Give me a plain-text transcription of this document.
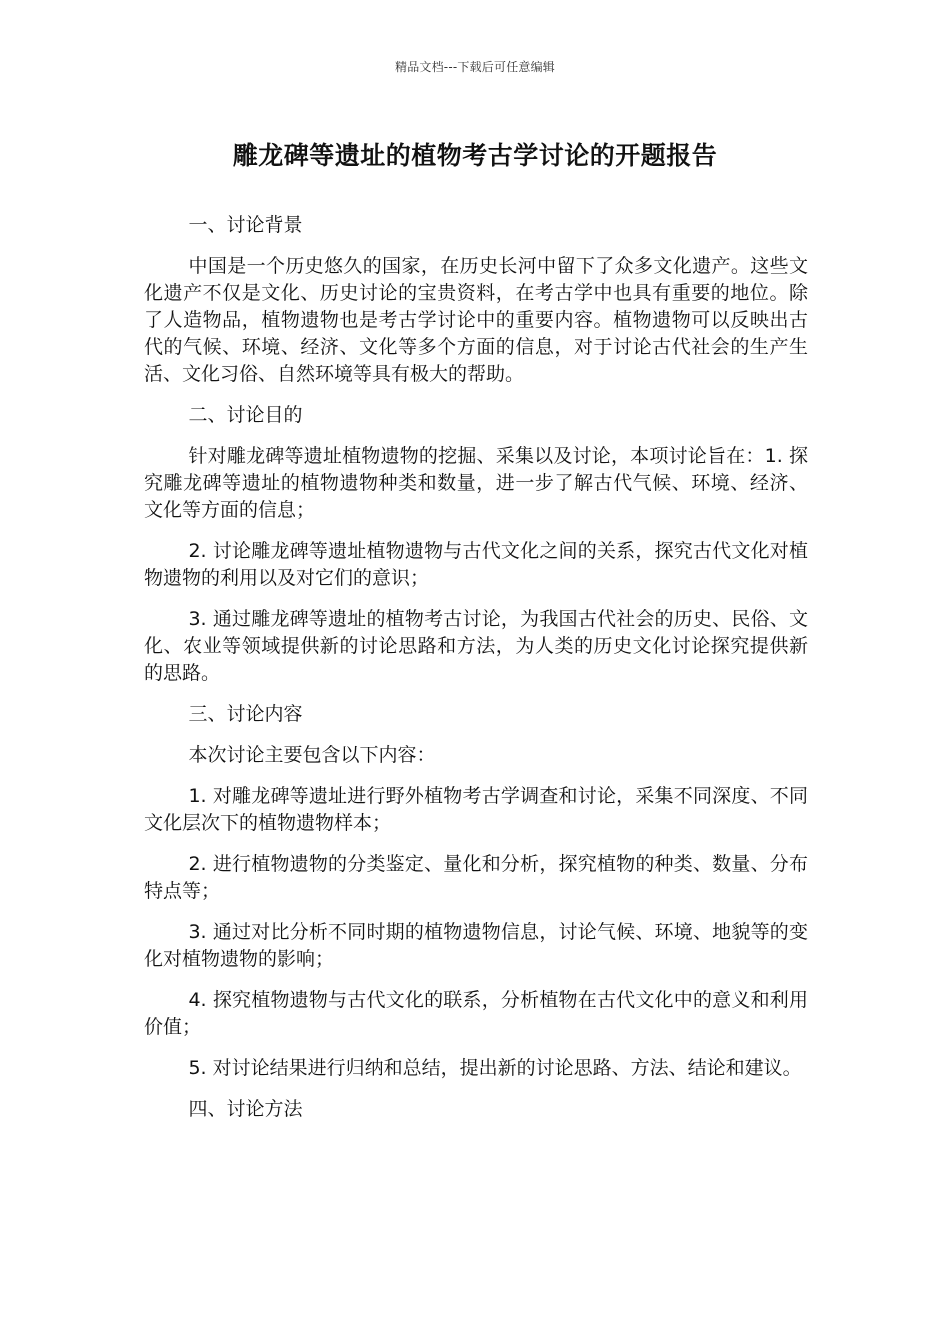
精品文档---下载后可任意编辑
雕龙碑等遗址的植物考古学讨论的开题报告

一、讨论背景

中国是一个历史悠久的国家，在历史长河中留下了众多文化遗产。这些文化遗产不仅是文化、历史讨论的宝贵资料，在考古学中也具有重要的地位。除了人造物品，植物遗物也是考古学讨论中的重要内容。植物遗物可以反映出古代的气候、环境、经济、文化等多个方面的信息，对于讨论古代社会的生产生活、文化习俗、自然环境等具有极大的帮助。

二、讨论目的

针对雕龙碑等遗址植物遗物的挖掘、采集以及讨论，本项讨论旨在：1. 探究雕龙碑等遗址的植物遗物种类和数量，进一步了解古代气候、环境、经济、文化等方面的信息；

2. 讨论雕龙碑等遗址植物遗物与古代文化之间的关系，探究古代文化对植物遗物的利用以及对它们的意识；

3. 通过雕龙碑等遗址的植物考古讨论，为我国古代社会的历史、民俗、文化、农业等领域提供新的讨论思路和方法，为人类的历史文化讨论探究提供新的思路。

三、讨论内容

本次讨论主要包含以下内容：

1. 对雕龙碑等遗址进行野外植物考古学调查和讨论，采集不同深度、不同文化层次下的植物遗物样本；

2. 进行植物遗物的分类鉴定、量化和分析，探究植物的种类、数量、分布特点等；

3. 通过对比分析不同时期的植物遗物信息，讨论气候、环境、地貌等的变化对植物遗物的影响；

4. 探究植物遗物与古代文化的联系，分析植物在古代文化中的意义和利用价值；

5. 对讨论结果进行归纳和总结，提出新的讨论思路、方法、结论和建议。

四、讨论方法
